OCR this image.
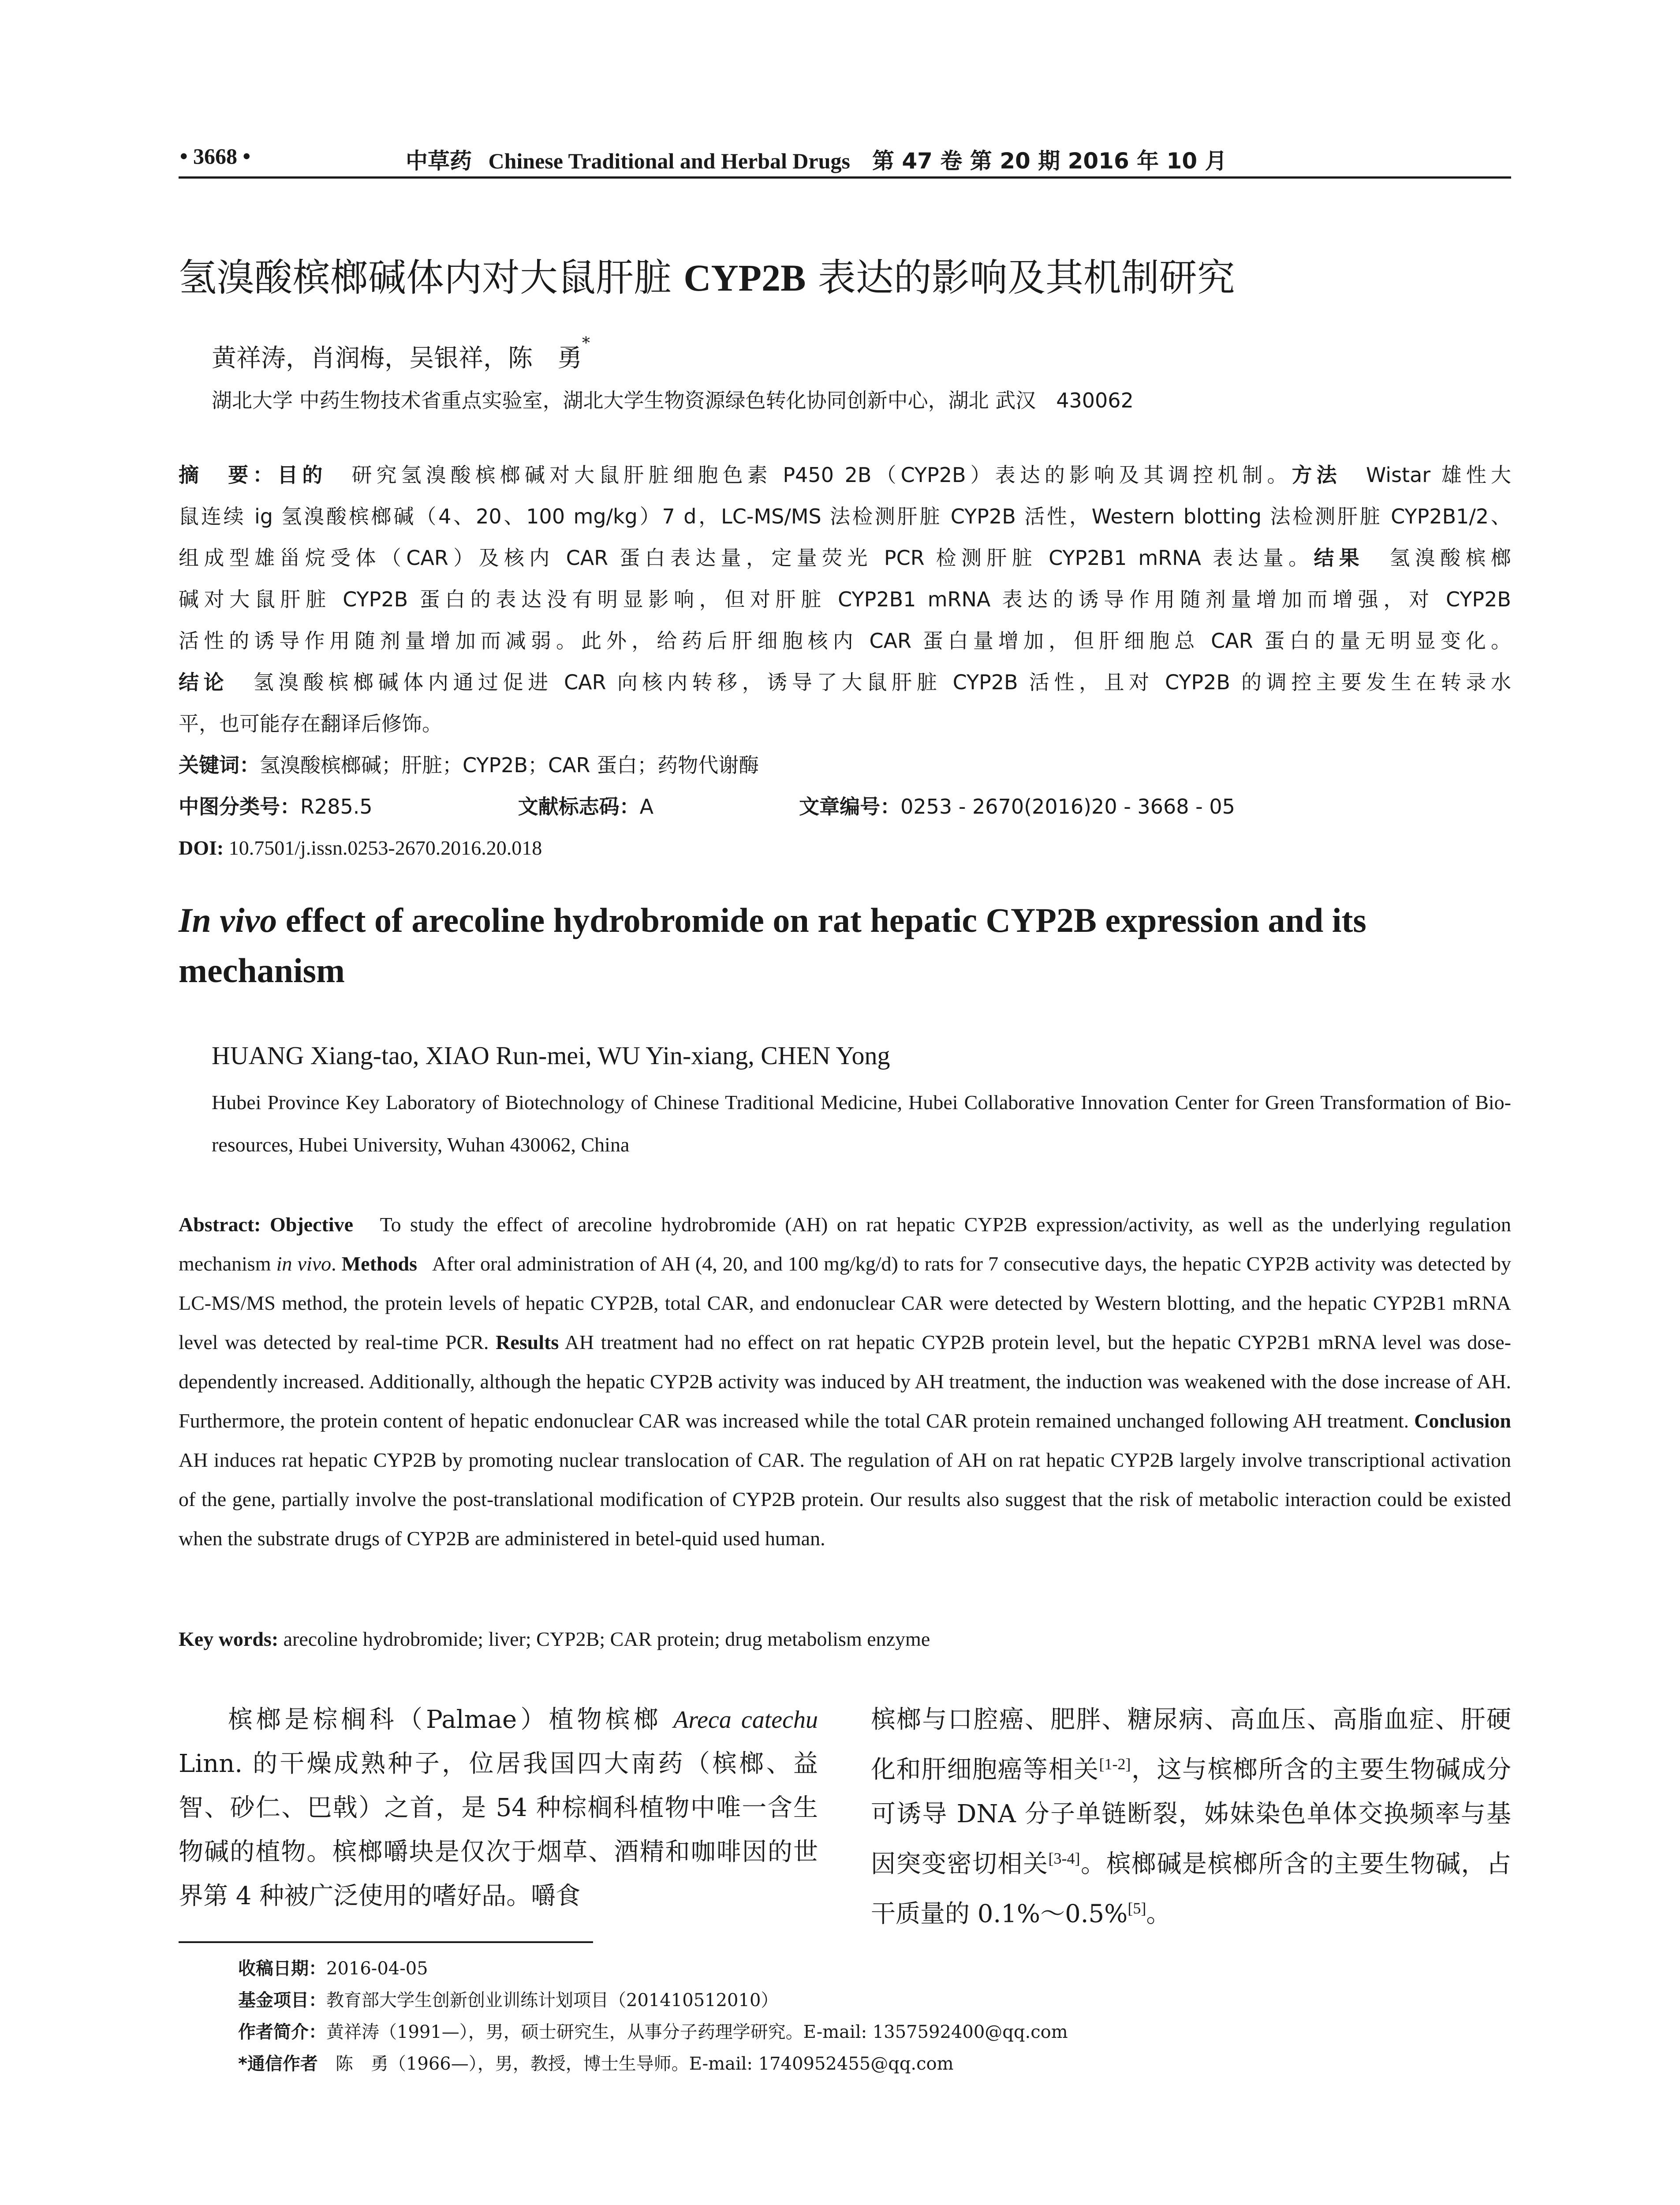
• 3668 •	中草药 Chinese Traditional and Herbal Drugs 第 47 卷 第 20 期 2016 年 10 月
氢溴酸槟榔碱体内对大鼠肝脏 CYP2B 表达的影响及其机制研究
黄祥涛，肖润梅，吴银祥，陈　勇*
湖北大学 中药生物技术省重点实验室，湖北大学生物资源绿色转化协同创新中心，湖北 武汉　430062
摘　要：目的　研究氢溴酸槟榔碱对大鼠肝脏细胞色素 P450 2B（CYP2B）表达的影响及其调控机制。方法　Wistar 雄性大
鼠连续 ig 氢溴酸槟榔碱（4、20、100 mg/kg）7 d，LC-MS/MS 法检测肝脏 CYP2B 活性，Western blotting 法检测肝脏 CYP2B1/2、
组成型雄甾烷受体（CAR）及核内 CAR 蛋白表达量，定量荧光 PCR 检测肝脏 CYP2B1 mRNA 表达量。结果　氢溴酸槟榔
碱对大鼠肝脏 CYP2B 蛋白的表达没有明显影响，但对肝脏 CYP2B1 mRNA 表达的诱导作用随剂量增加而增强，对 CYP2B
活性的诱导作用随剂量增加而减弱。此外，给药后肝细胞核内 CAR 蛋白量增加，但肝细胞总 CAR 蛋白的量无明显变化。
结论　氢溴酸槟榔碱体内通过促进 CAR 向核内转移，诱导了大鼠肝脏 CYP2B 活性，且对 CYP2B 的调控主要发生在转录水
平，也可能存在翻译后修饰。
关键词：氢溴酸槟榔碱；肝脏；CYP2B；CAR 蛋白；药物代谢酶
中图分类号：R285.5	文献标志码：A	文章编号：0253 - 2670(2016)20 - 3668 - 05
DOI: 10.7501/j.issn.0253-2670.2016.20.018
In vivo effect of arecoline hydrobromide on rat hepatic CYP2B expression and its mechanism
HUANG Xiang-tao, XIAO Run-mei, WU Yin-xiang, CHEN Yong
Hubei Province Key Laboratory of Biotechnology of Chinese Traditional Medicine, Hubei Collaborative Innovation Center for Green Transformation of Bio-resources, Hubei University, Wuhan 430062, China
Abstract: Objective   To study the effect of arecoline hydrobromide (AH) on rat hepatic CYP2B expression/activity, as well as the underlying regulation mechanism in vivo. Methods   After oral administration of AH (4, 20, and 100 mg/kg/d) to rats for 7 consecutive days, the hepatic CYP2B activity was detected by LC-MS/MS method, the protein levels of hepatic CYP2B, total CAR, and endonuclear CAR were detected by Western blotting, and the hepatic CYP2B1 mRNA level was detected by real-time PCR. Results AH treatment had no effect on rat hepatic CYP2B protein level, but the hepatic CYP2B1 mRNA level was dose-dependently increased. Additionally, although the hepatic CYP2B activity was induced by AH treatment, the induction was weakened with the dose increase of AH. Furthermore, the protein content of hepatic endonuclear CAR was increased while the total CAR protein remained unchanged following AH treatment. Conclusion   AH induces rat hepatic CYP2B by promoting nuclear translocation of CAR. The regulation of AH on rat hepatic CYP2B largely involve transcriptional activation of the gene, partially involve the post-translational modification of CYP2B protein. Our results also suggest that the risk of metabolic interaction could be existed when the substrate drugs of CYP2B are administered in betel-quid used human.
Key words: arecoline hydrobromide; liver; CYP2B; CAR protein; drug metabolism enzyme
槟榔是棕榈科（Palmae）植物槟榔 Areca catechu Linn. 的干燥成熟种子，位居我国四大南药（槟榔、益智、砂仁、巴戟）之首，是 54 种棕榈科植物中唯一含生物碱的植物。槟榔嚼块是仅次于烟草、酒精和咖啡因的世界第 4 种被广泛使用的嗜好品。嚼食
槟榔与口腔癌、肥胖、糖尿病、高血压、高脂血症、肝硬化和肝细胞癌等相关[1-2]，这与槟榔所含的主要生物碱成分可诱导 DNA 分子单链断裂，姊妹染色单体交换频率与基因突变密切相关[3-4]。槟榔碱是槟榔所含的主要生物碱，占干质量的 0.1%～0.5%[5]。
收稿日期：2016-04-05
基金项目：教育部大学生创新创业训练计划项目（201410512010）
作者简介：黄祥涛（1991—），男，硕士研究生，从事分子药理学研究。E-mail: 1357592400@qq.com
*通信作者　陈　勇（1966—），男，教授，博士生导师。E-mail: 1740952455@qq.com
